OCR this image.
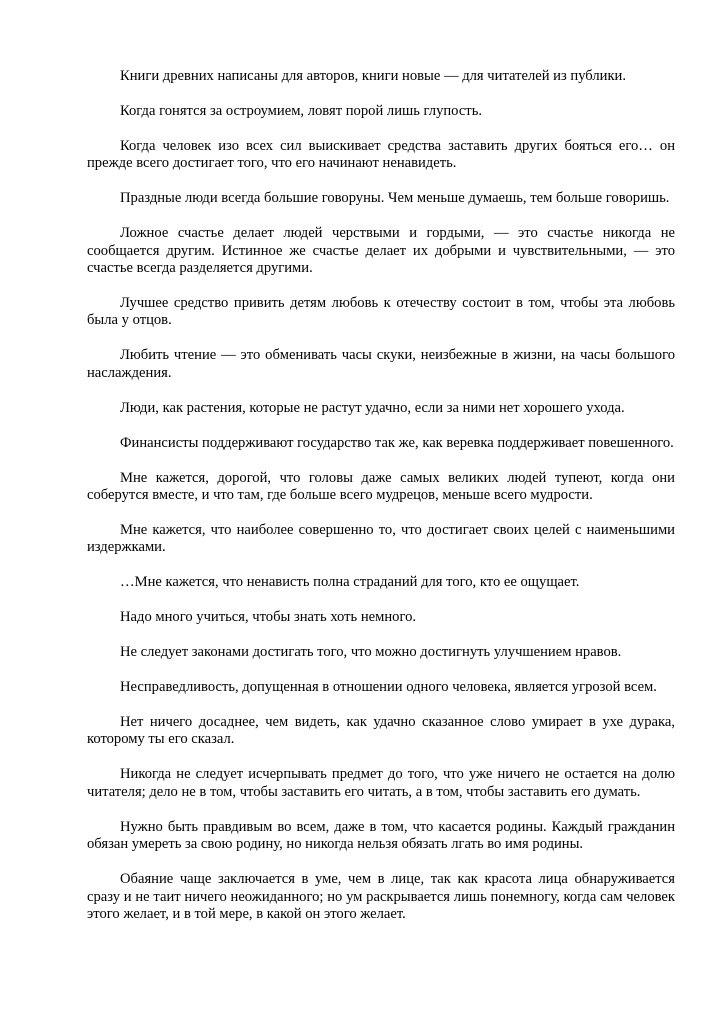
Книги древних написаны для авторов, книги новые — для читателей из публики.

Когда гонятся за остроумием, ловят порой лишь глупость.

Когда человек изо всех сил выискивает средства заставить других бояться его… он прежде всего достигает того, что его начинают ненавидеть.

Праздные люди всегда большие говоруны. Чем меньше думаешь, тем больше говоришь.

Ложное счастье делает людей черствыми и гордыми, — это счастье никогда не сообщается другим. Истинное же счастье делает их добрыми и чувствительными, — это счастье всегда разделяется другими.

Лучшее средство привить детям любовь к отечеству состоит в том, чтобы эта любовь была у отцов.

Любить чтение — это обменивать часы скуки, неизбежные в жизни, на часы большого наслаждения.

Люди, как растения, которые не растут удачно, если за ними нет хорошего ухода.

Финансисты поддерживают государство так же, как веревка поддерживает повешенного.

Мне кажется, дорогой, что головы даже самых великих людей тупеют, когда они соберутся вместе, и что там, где больше всего мудрецов, меньше всего мудрости.

Мне кажется, что наиболее совершенно то, что достигает своих целей с наименьшими издержками.

…Мне кажется, что ненависть полна страданий для того, кто ее ощущает.

Надо много учиться, чтобы знать хоть немного.

Не следует законами достигать того, что можно достигнуть улучшением нравов.

Несправедливость, допущенная в отношении одного человека, является угрозой всем.

Нет ничего досаднее, чем видеть, как удачно сказанное слово умирает в ухе дурака, которому ты его сказал.

Никогда не следует исчерпывать предмет до того, что уже ничего не остается на долю читателя; дело не в том, чтобы заставить его читать, а в том, чтобы заставить его думать.

Нужно быть правдивым во всем, даже в том, что касается родины. Каждый гражданин обязан умереть за свою родину, но никогда нельзя обязать лгать во имя родины.

Обаяние чаще заключается в уме, чем в лице, так как красота лица обнаруживается сразу и не таит ничего неожиданного; но ум раскрывается лишь понемногу, когда сам человек этого желает, и в той мере, в какой он этого желает.
